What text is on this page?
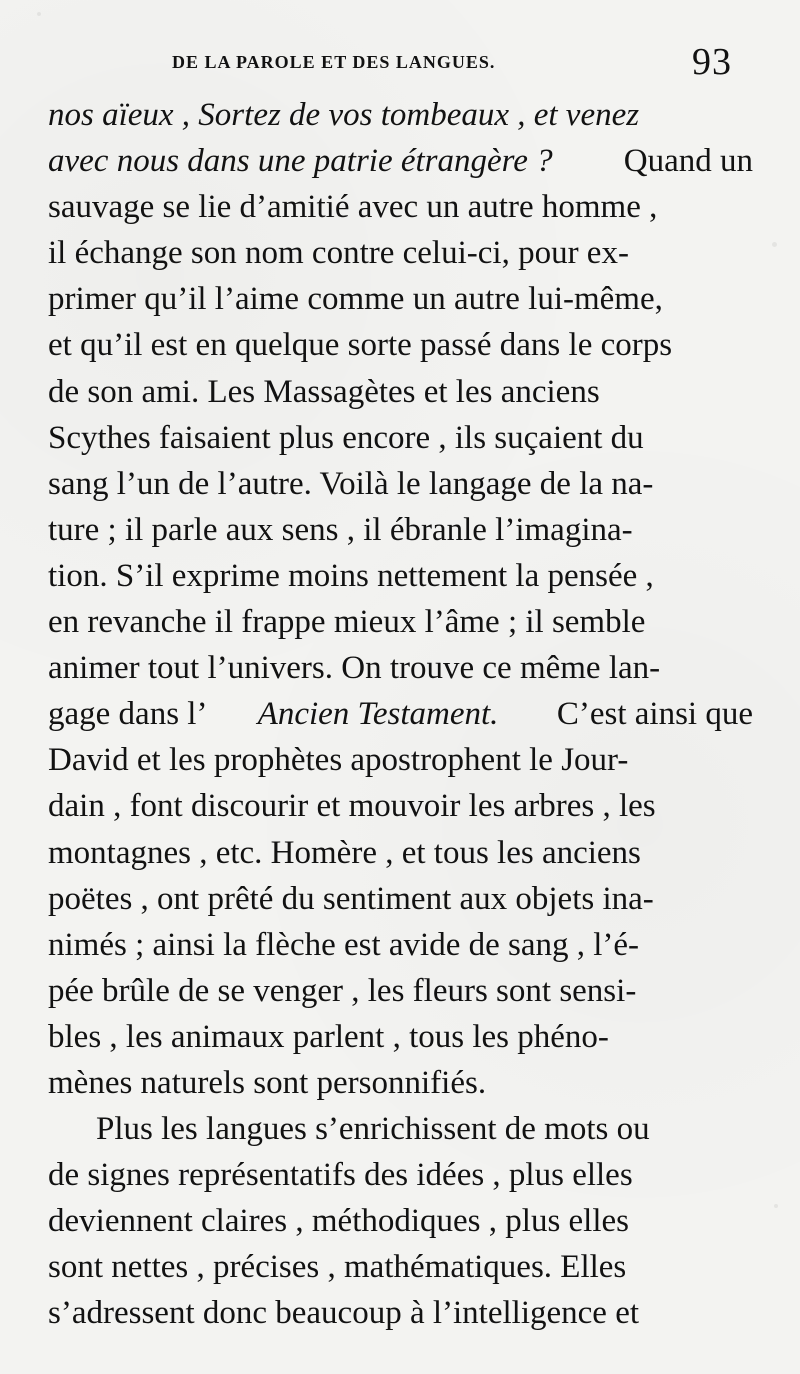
DE LA PAROLE ET DES LANGUES.	93
nos aïeux , Sortez de vos tombeaux , et venez
avec nous dans une patrie étrangère ? Quand un
sauvage se lie d’amitié avec un autre homme ,
il échange son nom contre celui-ci, pour ex-
primer qu’il l’aime comme un autre lui-même,
et qu’il est en quelque sorte passé dans le corps
de son ami. Les Massagètes et les anciens
Scythes faisaient plus encore , ils suçaient du
sang l’un de l’autre. Voilà le langage de la na-
ture ; il parle aux sens , il ébranle l’imagina-
tion. S’il exprime moins nettement la pensée ,
en revanche il frappe mieux l’âme ; il semble
animer tout l’univers. On trouve ce même lan-
gage dans l’ Ancien Testament. C’est ainsi que
David et les prophètes apostrophent le Jour-
dain , font discourir et mouvoir les arbres , les
montagnes , etc. Homère , et tous les anciens
poëtes , ont prêté du sentiment aux objets ina-
nimés ; ainsi la flèche est avide de sang , l’é-
pée brûle de se venger , les fleurs sont sensi-
bles , les animaux parlent , tous les phéno-
mènes naturels sont personnifiés.
Plus les langues s’enrichissent de mots ou
de signes représentatifs des idées , plus elles
deviennent claires , méthodiques , plus elles
sont nettes , précises , mathématiques. Elles
s’adressent donc beaucoup à l’intelligence et
